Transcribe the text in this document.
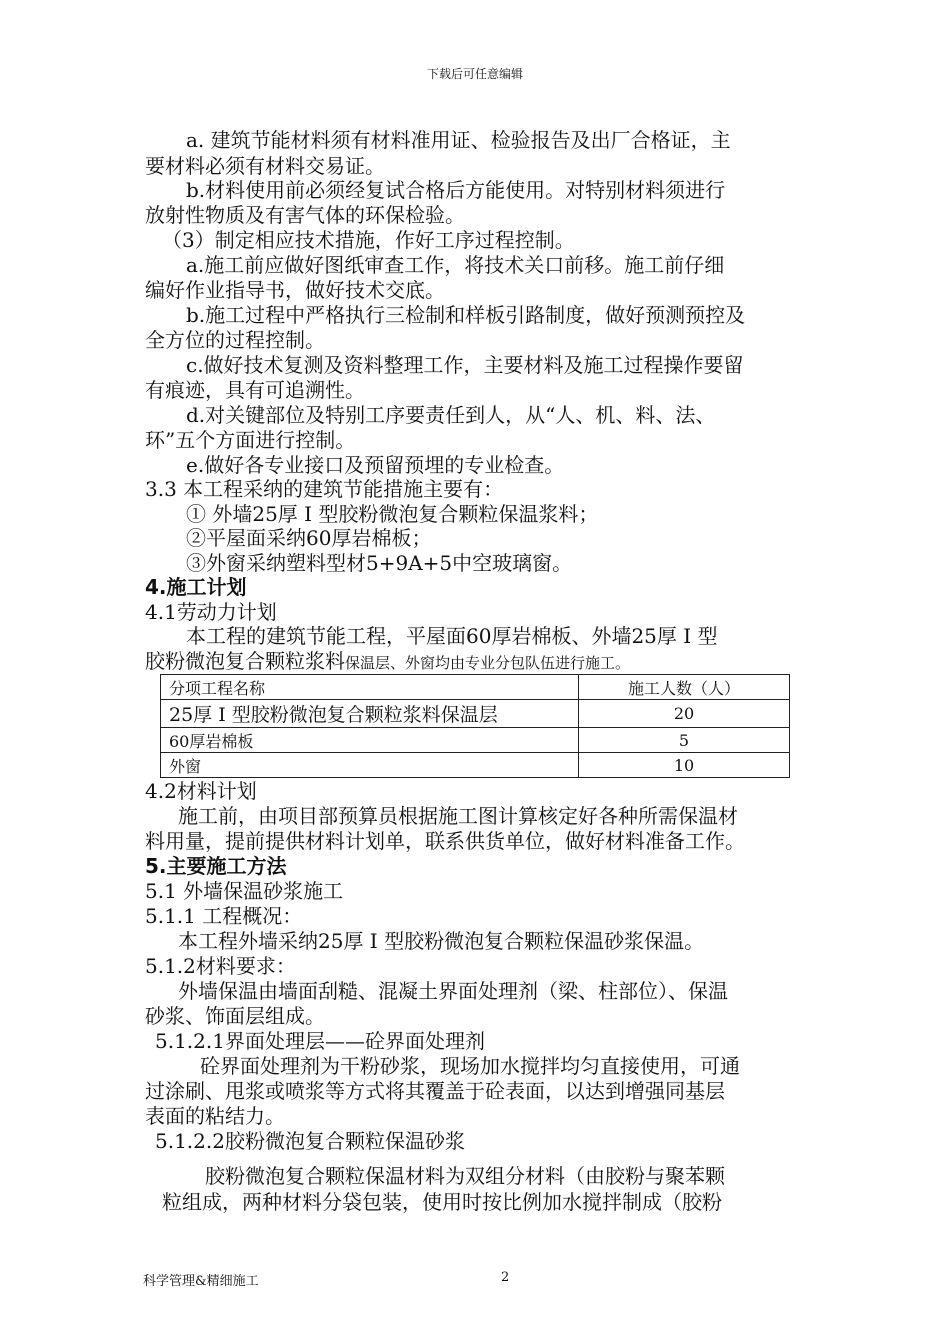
下载后可任意编辑
a. 建筑节能材料须有材料准用证、检验报告及出厂合格证，主
要材料必须有材料交易证。
b.材料使用前必须经复试合格后方能使用。对特别材料须进行
放射性物质及有害气体的环保检验。
（3）制定相应技术措施，作好工序过程控制。
a.施工前应做好图纸审查工作，将技术关口前移。施工前仔细
编好作业指导书，做好技术交底。
b.施工过程中严格执行三检制和样板引路制度，做好预测预控及
全方位的过程控制。
c.做好技术复测及资料整理工作，主要材料及施工过程操作要留
有痕迹，具有可追溯性。
d.对关键部位及特别工序要责任到人，从“人、机、料、法、
环”五个方面进行控制。
e.做好各专业接口及预留预埋的专业检查。
3.3 本工程采纳的建筑节能措施主要有：
① 外墙25厚 I 型胶粉微泡复合颗粒保温浆料；
②平屋面采纳60厚岩棉板；
③外窗采纳塑料型材5+9A+5中空玻璃窗。
4.施工计划
4.1劳动力计划
本工程的建筑节能工程，平屋面60厚岩棉板、外墙25厚 I 型
胶粉微泡复合颗粒浆料保温层、外窗均由专业分包队伍进行施工。
分项工程名称	施工人数（人）
25厚 I 型胶粉微泡复合颗粒浆料保温层	20
60厚岩棉板	5
外窗	10
4.2材料计划
施工前，由项目部预算员根据施工图计算核定好各种所需保温材
料用量，提前提供材料计划单，联系供货单位，做好材料准备工作。
5.主要施工方法
5.1 外墙保温砂浆施工
5.1.1 工程概况：
本工程外墙采纳25厚 I 型胶粉微泡复合颗粒保温砂浆保温。
5.1.2材料要求：
外墙保温由墙面刮糙、混凝土界面处理剂（梁、柱部位）、保温
砂浆、饰面层组成。
5.1.2.1界面处理层——砼界面处理剂
砼界面处理剂为干粉砂浆，现场加水搅拌均匀直接使用，可通
过涂刷、甩浆或喷浆等方式将其覆盖于砼表面，以达到增强同基层
表面的粘结力。
5.1.2.2胶粉微泡复合颗粒保温砂浆
胶粉微泡复合颗粒保温材料为双组分材料（由胶粉与聚苯颗
粒组成，两种材料分袋包装，使用时按比例加水搅拌制成（胶粉
科学管理&精细施工	2
